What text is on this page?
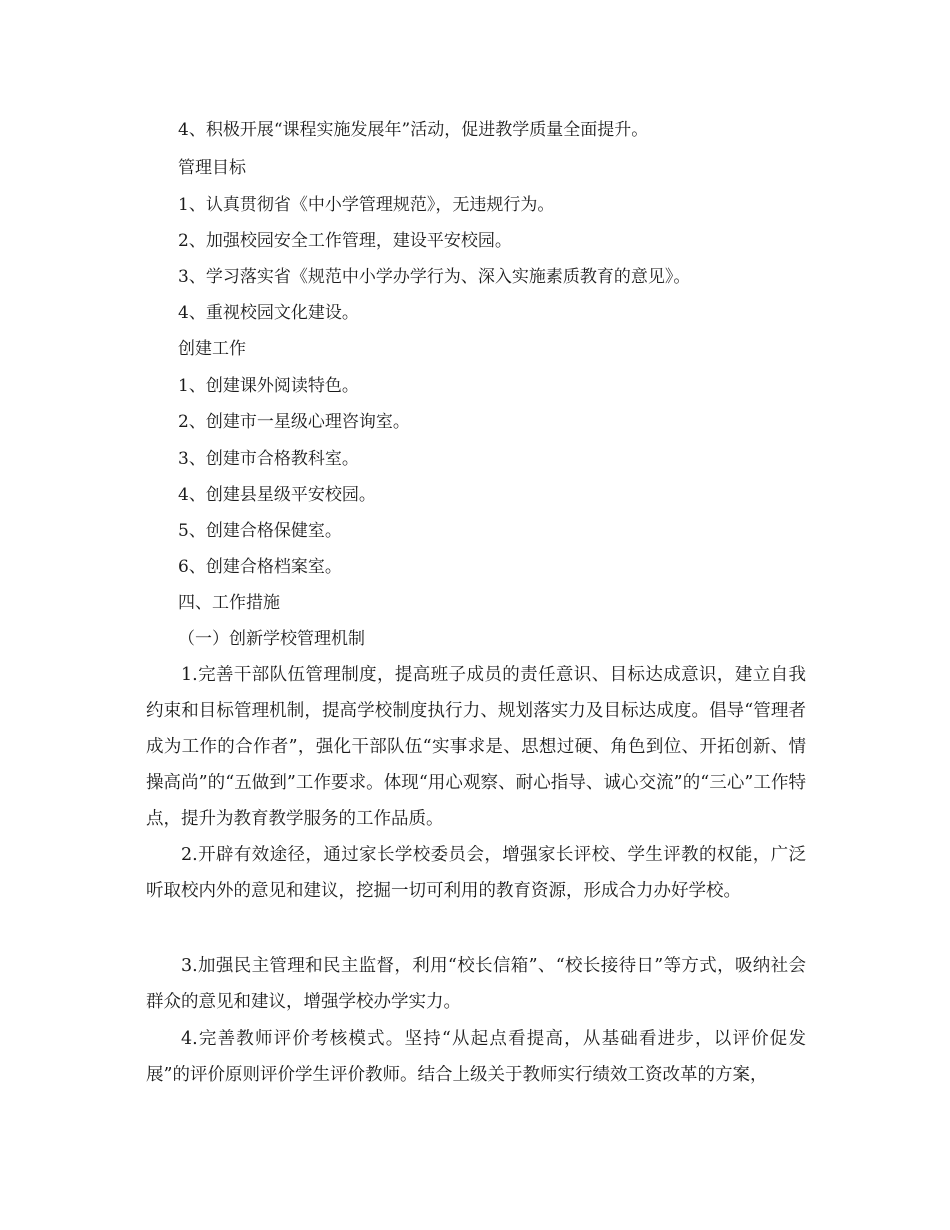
4、积极开展“课程实施发展年”活动，促进教学质量全面提升。
管理目标
1、认真贯彻省《中小学管理规范》，无违规行为。
2、加强校园安全工作管理，建设平安校园。
3、学习落实省《规范中小学办学行为、深入实施素质教育的意见》。
4、重视校园文化建设。
创建工作
1、创建课外阅读特色。
2、创建市一星级心理咨询室。
3、创建市合格教科室。
4、创建县星级平安校园。
5、创建合格保健室。
6、创建合格档案室。
四、工作措施
（一）创新学校管理机制
1.完善干部队伍管理制度，提高班子成员的责任意识、目标达成意识，建立自我约束和目标管理机制，提高学校制度执行力、规划落实力及目标达成度。倡导“管理者成为工作的合作者”，强化干部队伍“实事求是、思想过硬、角色到位、开拓创新、情操高尚”的“五做到”工作要求。体现“用心观察、耐心指导、诚心交流”的“三心”工作特点，提升为教育教学服务的工作品质。
2.开辟有效途径，通过家长学校委员会，增强家长评校、学生评教的权能，广泛听取校内外的意见和建议，挖掘一切可利用的教育资源，形成合力办好学校。
3.加强民主管理和民主监督，利用“校长信箱”、“校长接待日”等方式，吸纳社会群众的意见和建议，增强学校办学实力。
4.完善教师评价考核模式。坚持“从起点看提高，从基础看进步，以评价促发展”的评价原则评价学生评价教师。结合上级关于教师实行绩效工资改革的方案，
